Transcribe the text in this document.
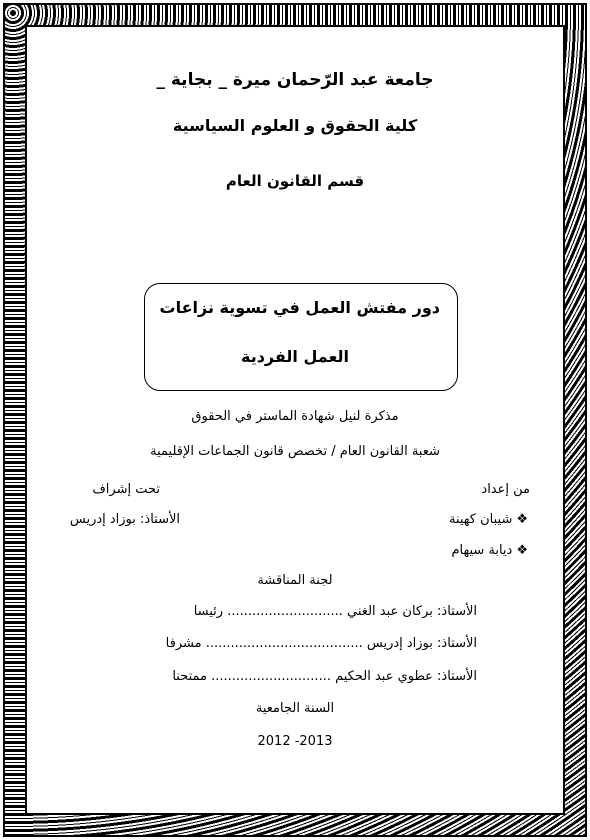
جامعة عبد الرّحمان ميرة _ بجاية _
كلية الحقوق و العلوم السياسية
قسم القانون العام
دور مفتش العمل في تسوية نزاعات
العمل الفردية
مذكرة لنيل شهادة الماستر في الحقوق
شعبة القانون العام / تخصص قانون الجماعات الإقليمية
من إعداد
تحت إشراف
❖شيبان كهينة
الأستاذ: بوزاد إدريس
❖ديابة سيهام
لجنة المناقشة
الأستاذ: بركان عبد الغني ............................ رئيسا
الأستاذ: بوزاد إدريس ...................................... مشرفا
الأستاذ: عطوي عبد الحكيم ............................. ممتحنا
السنة الجامعية
2012 -2013
